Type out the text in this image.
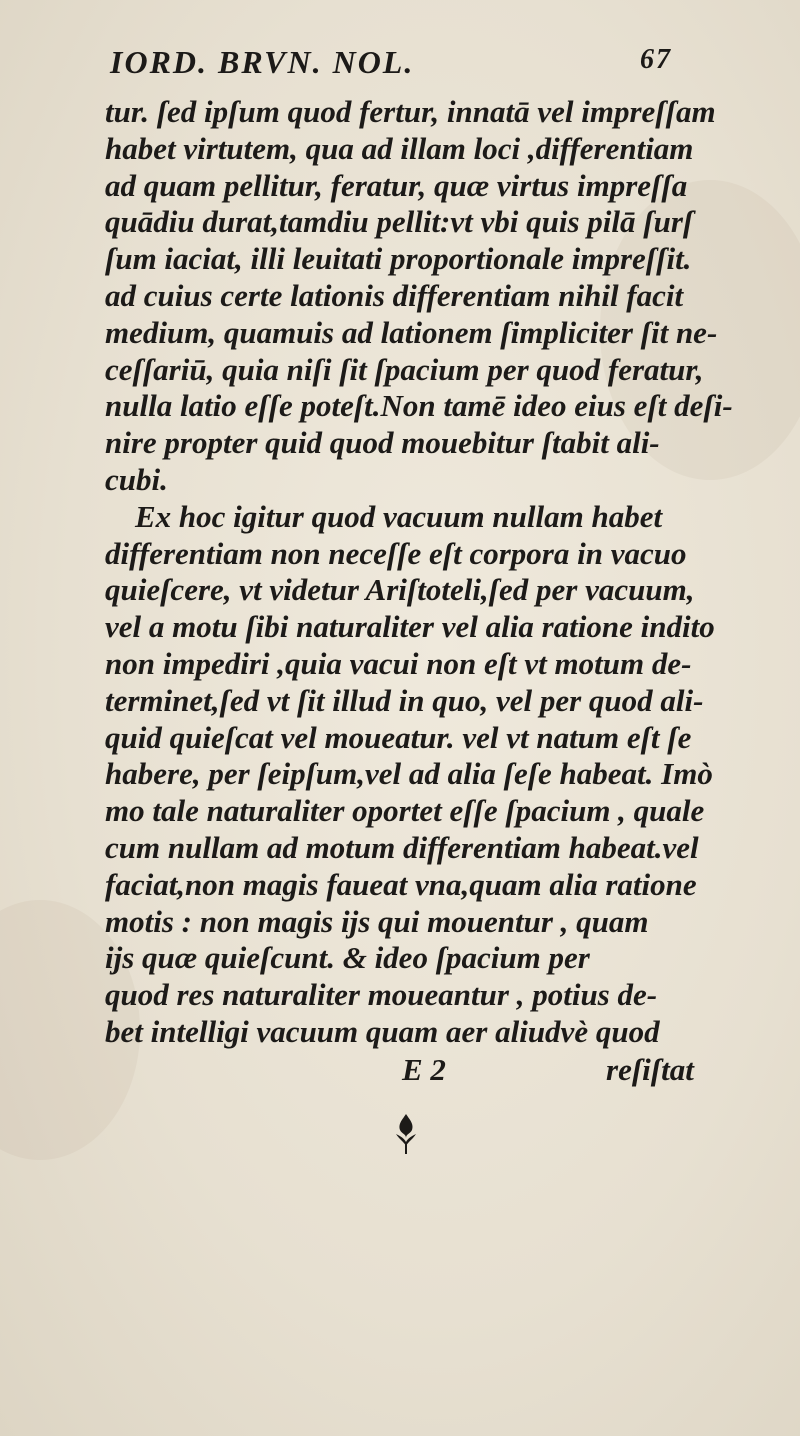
IORD. BRVN. NOL.	67
tur. ſed ipſum quod fertur, innatā vel impreſſam
habet virtutem, qua ad illam loci ,differentiam
ad quam pellitur, feratur, quæ virtus impreſſa
quādiu durat,tamdiu pellit:vt vbi quis pilā ſurſ
ſum iaciat, illi leuitati proportionale impreſſit.
ad cuius certe lationis differentiam nihil facit
medium, quamuis ad lationem ſimpliciter ſit ne-
ceſſariū, quia niſi ſit ſpacium per quod feratur,
nulla latio eſſe poteſt.Non tamē ideo eius eſt deſi-
nire propter quid quod mouebitur ſtabit ali-
cubi.
Ex hoc igitur quod vacuum nullam habet
differentiam non neceſſe eſt corpora in vacuo
quieſcere, vt videtur Ariſtoteli,ſed per vacuum,
vel a motu ſibi naturaliter vel alia ratione indito
non impediri ,quia vacui non eſt vt motum de-
terminet,ſed vt ſit illud in quo, vel per quod ali-
quid quieſcat vel moueatur. vel vt natum eſt ſe
habere, per ſeipſum,vel ad alia ſeſe habeat. Imò
mo tale naturaliter oportet eſſe ſpacium , quale
cum nullam ad motum differentiam habeat.vel
faciat,non magis faueat vna,quam alia ratione
motis : non magis ijs qui mouentur , quam
ijs quæ quieſcunt. & ideo ſpacium per
quod res naturaliter moueantur , potius de-
bet intelligi vacuum quam aer aliudvè quod
E 2	reſiſtat
